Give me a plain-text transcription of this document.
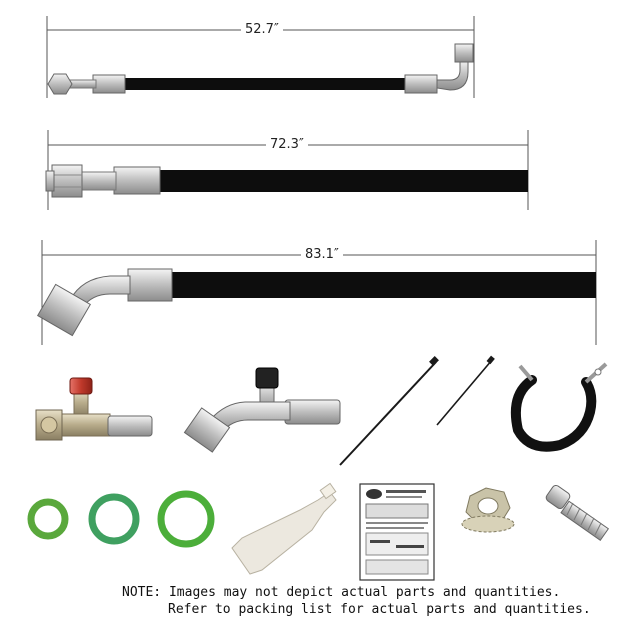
52.7″
72.3″
83.1″
NOTE: Images may not depict actual parts and quantities.
Refer to packing list for actual parts and quantities.
